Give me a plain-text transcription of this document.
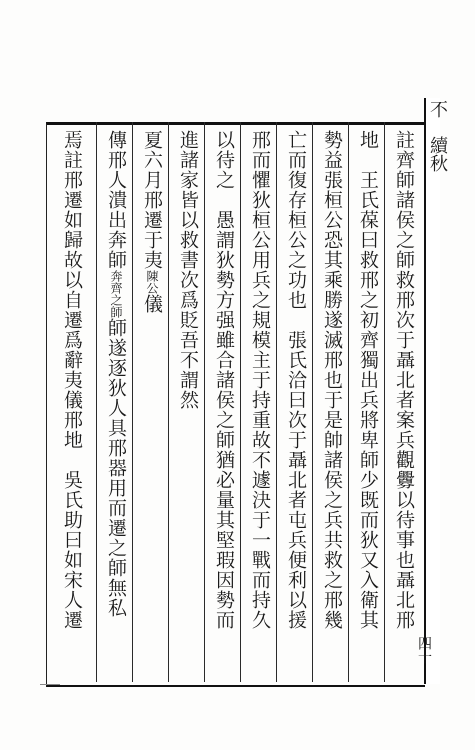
不　續秋
註齊師諸侯之師救邢次于聶北者案兵觀釁以待事也聶北邢
地　王氏葆曰救邢之初齊獨出兵將卑師少既而狄又入衛其
勢益張桓公恐其乘勝遂滅邢也于是帥諸侯之兵共救之邢幾
亡而復存桓公之功也　張氏洽曰次于聶北者屯兵便利以援
邢而懼狄桓公用兵之規模主于持重故不遽決于一戰而持久
以待之　愚謂狄勢方强雖合諸侯之師猶必量其堅瑕因勢而
進諸家皆以救書次爲貶吾不謂然
夏六月邢遷于夷陳公儀
傳邢人潰出奔師奔齊之師師遂逐狄人具邢器用而遷之師無私
焉註邢遷如歸故以自遷爲辭夷儀邢地　吳氏助曰如宋人遷
四十
